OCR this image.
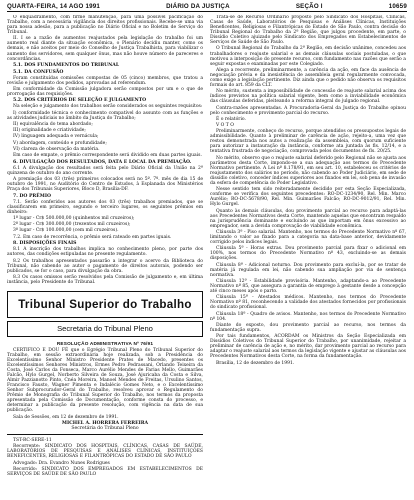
QUARTA-FEIRA, 14 AGO 1991	DIÁRIO DA JUSTIÇA	SEÇÃO I	10659

O enquadramento, com firme manutenção, para uma possível pacificação do Trabalho, com a necessária vigilância dos direitos profissionais. Recebe-se uma via para nossa adesão, para a publicação no Diário Oficial e no Boletim de Serviço do Tribunal.

II. I se a razão de aumentos reajustados pela legislação do trabalho foi um aumento real diante da situação econômica, o Plenário decidiu manter, como os demais, e não aceitos por meio do Conselho de Justiça Trabalhista, para viabilizar o aumento dos servidores, sem qualquer ônus, mas não houve número de pareceres e concordâncias.

5.1. DOS FUNDAMENTOS DO TRIBUNAL
5.1. DA CONFUSÃO

Foram constituídas comissões compostas de 05 (cinco) membros, que tratou a revisão e julgamento dos pedidos, aprovadas ad referendum.

Em conformidade da Comissão julgadora serão compostos por um e o que de prorrogação das requisições.

5.2. DOS CRITÉRIOS DE SELEÇÃO E JULGAMENTO

Na seleção e julgamento dos trabalhos serão considerados os seguintes requisitos:

I) conformidade técnica e conhecimento compatível do assunto com as funções e as atividades judiciais no âmbito da Justiça do Trabalho;

II) equivalência do tema abordado;

III) originalidade e criatividade;

IV) linguagem adequada e vernácula;

V) abordagem, conteúdo e profundidade;

VI) clareza de observação da matéria.

Em caso de empate, o prêmio correspondente será dividido em duas partes iguais.

6. DIVULGAÇÃO DOS RESULTADOS, DATA E LOCAL DA PREMIAÇÃO.

6.1 A divulgação dos resultados será feita pelo Diário Oficial da União na 2ª quinzena de outubro do ano corrente.

A premiação dos 03 (três) primeiros colocados será no 5º. 7º. mês de dia 15 de outubro de 1991, no Auditório do Centro de Estudos, à Esplanada dos Ministérios Praça dos Tribunais Superiores, Bloco D, Brasília-DF.

7. DO PRÊMIO

7.1. Serão conferidos aos autores dos 03 (três) trabalhos premiados, que se classificarem em primeiro, segundo e terceiro lugares, os seguintes prêmios em dinheiro:

1º lugar - Cr$ 500.000,00 (quinhentos mil cruzeiros);

2º lugar - Cr$ 300.000,00 (trezentos mil cruzeiros);

3º lugar - Cr$ 100.000,00 (cem mil cruzeiros).

7.2. Em caso de recorrência, o prêmio será rateado em partes iguais.

8. DISPOSIÇÕES FINAIS

8.1 A inscrição dos trabalhos implica no conhecimento pleno, por parte dos autores, das condições estipuladas no presente regulamento.

8.2 Os trabalhos apresentados passarão a integrar o acervo da Biblioteca do Tribunal, não cabendo ao autor o pagamento de direitos autorais, podendo ser publicados, se for o caso, para divulgação da obra.

8.3 Os casos omissos serão resolvidos pela Comissão de julgamento e, em última instância, pelo Presidente do Tribunal.

Tribunal Superior do Trabalho
Secretaria do Tribunal Pleno
RESOLUÇÃO ADMINISTRATIVA Nº 76/91

CERTIFICO E DOU FÉ que o Egrégio Tribunal Pleno do Tribunal Superior do Trabalho, em sessão extraordinária hoje realizada, sob a Presidência do Excelentíssimo Senhor Ministro Presidente Prates de Macedo, presentes os Excelentíssimos Senhores Ministros, Ermes Pedro Pedrassani, Orlando Teixeira da Costa, José Carlos da Fonseca, Marco Aurélio Mendes de Farias Mello, Guimarães Falcão, Hylo Gurgel, Norberto Silveira de Souza, José Ajuricaba da Costa e Silva, Almir Pazzianotto Pinto, Cnéa Moreira, Manoel Mendes de Freitas, Ursulino Santos, Francisco Fausto, Wagner Pimenta e Indalécio Gomes Neto, e o Excelentíssimo Senhor Subprocurador-Geral do Trabalho, resolveu aprovar o Regulamento do Prêmio de Monografia do Tribunal Superior do Trabalho, nos termos da proposta apresentada pela Comissão de Documentação, conforme consta do processo, e determinar a publicação da presente resolução, com vigência na data de sua publicação.

Sala de Sessões, em 12 de dezembro de 1991.

MICHEL A. HORRERA FERREIRA
Secretária do Tribunal Pleno

TST-RC-SERE-11

Recorrente: SINDICATO DOS HOSPITAIS, CLÍNICAS, CASAS DE SAÚDE, LABORATÓRIOS DE PESQUISAS E ANÁLISES CLÍNICAS, INSTITUIÇÕES BENEFICENTES, RELIGIOSAS E FILANTRÓPICAS DO ESTADO DE SÃO PAULO

Advogado: Dra. Evandro Nunes Rodrigues

Recorrido: SINDICATO DOS EMPREGADOS EM ESTABELECIMENTOS DE SERVIÇOS DE SAÚDE DE SÃO PAULO

Trata-se de Recurso Ordinário proposto pelo Sindicato dos Hospitais, Clínicas, Casas de Saúde, Laboratórios de Pesquisas e Análises Clínicas, Instituições Beneficentes, Religiosas e Filantrópicas do Estado de São Paulo, contra decisão do Tribunal Regional do Trabalho da 2ª Região, que julgou procedente, em parte, o Dissídio Coletivo ajuizado pelo Sindicato dos Empregados em Estabelecimentos de Serviços de Saúde de São Paulo.

O Tribunal Regional do Trabalho da 2ª Região, em decisão unânime, concedeu aos trabalhadores o reajuste salarial e as demais cláusulas sociais postuladas, o que motivou a interposição do presente recurso, com fundamento nas razões que serão a seguir expostas e examinadas por este Colegiado.

Alega a recorrente, preliminarmente, a carência da ação, em face da ausência de negociação prévia e da inexistência de assembleia geral regularmente convocada, como exige a legislação pertinente. Diz ainda que o pedido não observa os requisitos formais do art. 859 da CLT.

No mérito, sustenta a impossibilidade de concessão de reajuste salarial acima dos índices previstos na política salarial vigente, bem como a inviabilidade econômica das cláusulas deferidas, pleiteando a reforma integral do julgado regional.

Contra-razões apresentadas. A Procuradoria-Geral da Justiça do Trabalho opinou pelo conhecimento e provimento parcial do recurso.

É o relatório.

V O T O

Preliminarmente, conheço do recurso, porque atendidos os pressupostos legais de admissibilidade. Quanto à preliminar de carência de ação, rejeito-a, uma vez que restou demonstrada nos autos a realização da assembleia, com quorum suficiente para autorizar a instauração da instância, conforme ata juntada às fls. 12/14, e a tentativa frustrada de negociação, comprovada pelos documentos de fls. 20/25.

No mérito, observo que o reajuste salarial deferido pelo Regional não se ajusta aos parâmetros desta Corte, impondo-se a sua adequação aos termos do Precedente Normativo pertinente. A Lei nº 8.178/91, em seu art. 10, estabeleceu os critérios de reajustamento dos salários no período, não cabendo ao Poder Judiciário, em sede de dissídio coletivo, conceder índices superiores aos fixados em lei, sob pena de invasão da esfera de competência do Poder Legislativo.

Nesse sentido tem sido reiteradamente decidido por esta Seção Especializada, conforme se verifica dos seguintes precedentes: RO-DC-1234/90, Rel. Min. Marco Aurélio; RO-DC-5678/90, Rel. Min. Guimarães Falcão; RO-DC-9012/91, Rel. Min. Hylo Gurgel.

Quanto às demais cláusulas, dou provimento parcial ao recurso para adaptá-las aos Precedentes Normativos desta Corte, mantendo aquelas que encontram respaldo na jurisprudência dominante e excluindo as que importam em ônus excessivo ao empregador, sem a devida comprovação de viabilidade econômica.

Cláusula 3ª - Piso salarial. Mantenho, nos termos do Precedente Normativo nº 67, limitando o valor ao fixado para a categoria na data-base anterior, devidamente corrigido pelos índices legais.

Cláusula 5ª - Horas extras. Dou provimento parcial para fixar o adicional em 100%, nos termos do Precedente Normativo nº 43, excluindo-se as demais disposições.

Cláusula 8ª - Adicional noturno. Dou provimento para excluí-la, por se tratar de matéria já regulada em lei, não cabendo sua ampliação por via de sentença normativa.

Cláusula 12ª - Estabilidade provisória. Mantenho, adaptando-a ao Precedente Normativo nº 85, que assegura a garantia de emprego à gestante desde a concepção até cinco meses após o parto.

Cláusula 15ª - Atestados médicos. Mantenho, nos termos do Precedente Normativo nº 81, reconhecendo a validade dos atestados fornecidos por profissionais do sindicato profissional.

Cláusula 18ª - Quadro de avisos. Mantenho, nos termos do Precedente Normativo nº 104.

Diante do exposto, dou provimento parcial ao recurso, nos termos da fundamentação supra.

Por tais fundamentos, ACORDAM os Ministros da Seção Especializada em Dissídios Coletivos do Tribunal Superior do Trabalho, por unanimidade, rejeitar a preliminar de carência de ação e, no mérito, dar provimento parcial ao recurso para adaptar o reajuste salarial aos termos da legislação vigente e ajustar as cláusulas aos Precedentes Normativos desta Corte, na forma da fundamentação.

Brasília, 12 de dezembro de 1991.
